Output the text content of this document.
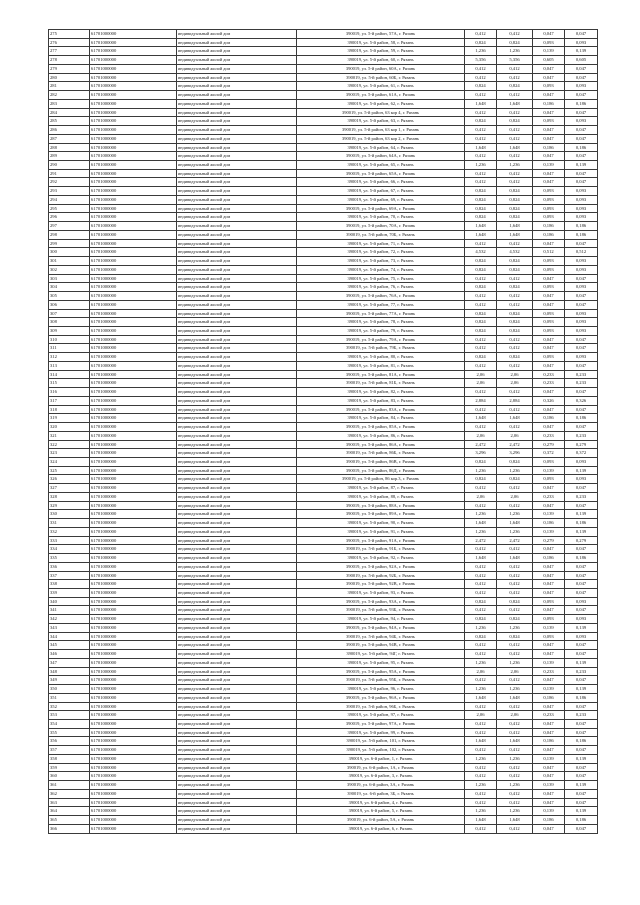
275	61701000000	индивидуальный жилой дом	390019, ул. 5-й район, 57А, г. Рязань	0,412	0,412	0,047	0,047
276	61701000000	индивидуальный жилой дом	390019, ул. 5-й район, 58, г. Рязань	0,824	0,824	0,093	0,093
277	61701000000	индивидуальный жилой дом	390019, ул. 5-й район, 59, г. Рязань	1,236	1,236	0,139	0,139
278	61701000000	индивидуальный жилой дом	390019, ул. 5-й район, 60, г. Рязань	5,356	5,356	0,605	0,605
279	61701000000	индивидуальный жилой дом	390019, ул. 5-й район, 60А, г. Рязань	0,412	0,412	0,047	0,047
280	61701000000	индивидуальный жилой дом	390019, ул. 5-й район, 60Б, г. Рязань	0,412	0,412	0,047	0,047
281	61701000000	индивидуальный жилой дом	390019, ул. 5-й район, 61, г. Рязань	0,824	0,824	0,093	0,093
282	61701000000	индивидуальный жилой дом	390019, ул. 5-й район, 61А, г. Рязань	0,412	0,412	0,047	0,047
283	61701000000	индивидуальный жилой дом	390019, ул. 5-й район, 62, г. Рязань	1,648	1,648	0,186	0,186
284	61701000000	индивидуальный жилой дом	390019, ул. 5-й район, 63 кор 4, г. Рязань	0,412	0,412	0,047	0,047
285	61701000000	индивидуальный жилой дом	390019, ул. 5-й район, 63, г. Рязань	0,824	0,824	0,093	0,093
286	61701000000	индивидуальный жилой дом	390019, ул. 5-й район, 63 кор 1, г. Рязань	0,412	0,412	0,047	0,047
287	61701000000	индивидуальный жилой дом	390019, ул. 5-й район, 63 кор 2, г. Рязань	0,412	0,412	0,047	0,047
288	61701000000	индивидуальный жилой дом	390019, ул. 5-й район, 64, г. Рязань	1,648	1,648	0,186	0,186
289	61701000000	индивидуальный жилой дом	390019, ул. 5-й район, 64А, г. Рязань	0,412	0,412	0,047	0,047
290	61701000000	индивидуальный жилой дом	390019, ул. 5-й район, 65, г. Рязань	1,236	1,236	0,139	0,139
291	61701000000	индивидуальный жилой дом	390019, ул. 5-й район, 65А, г. Рязань	0,412	0,412	0,047	0,047
292	61701000000	индивидуальный жилой дом	390019, ул. 5-й район, 66, г. Рязань	0,412	0,412	0,047	0,047
293	61701000000	индивидуальный жилой дом	390019, ул. 5-й район, 67, г. Рязань	0,824	0,824	0,093	0,093
294	61701000000	индивидуальный жилой дом	390019, ул. 5-й район, 69, г. Рязань	0,824	0,824	0,093	0,093
295	61701000000	индивидуальный жилой дом	390019, ул. 5-й район, 69А, г. Рязань	0,824	0,824	0,093	0,093
296	61701000000	индивидуальный жилой дом	390019, ул. 5-й район, 70, г. Рязань	0,824	0,824	0,093	0,093
297	61701000000	индивидуальный жилой дом	390019, ул. 5-й район, 70А, г. Рязань	1,648	1,648	0,186	0,186
298	61701000000	индивидуальный жилой дом	390019, ул. 5-й район, 70Б, г. Рязань	1,648	1,648	0,186	0,186
299	61701000000	индивидуальный жилой дом	390019, ул. 5-й район, 71, г. Рязань	0,412	0,412	0,047	0,047
300	61701000000	индивидуальный жилой дом	390019, ул. 5-й район, 72, г. Рязань	4,532	4,532	0,512	0,512
301	61701000000	индивидуальный жилой дом	390019, ул. 5-й район, 73, г. Рязань	0,824	0,824	0,093	0,093
302	61701000000	индивидуальный жилой дом	390019, ул. 5-й район, 74, г. Рязань	0,824	0,824	0,093	0,093
303	61701000000	индивидуальный жилой дом	390019, ул. 5-й район, 75, г. Рязань	0,412	0,412	0,047	0,047
304	61701000000	индивидуальный жилой дом	390019, ул. 5-й район, 76, г. Рязань	0,824	0,824	0,093	0,093
305	61701000000	индивидуальный жилой дом	390019, ул. 5-й район, 76А, г. Рязань	0,412	0,412	0,047	0,047
306	61701000000	индивидуальный жилой дом	390019, ул. 5-й район, 77, г. Рязань	0,412	0,412	0,047	0,047
307	61701000000	индивидуальный жилой дом	390019, ул. 5-й район, 77А, г. Рязань	0,824	0,824	0,093	0,093
308	61701000000	индивидуальный жилой дом	390019, ул. 5-й район, 78, г. Рязань	0,824	0,824	0,093	0,093
309	61701000000	индивидуальный жилой дом	390019, ул. 5-й район, 79, г. Рязань	0,824	0,824	0,093	0,093
310	61701000000	индивидуальный жилой дом	390019, ул. 5-й район, 79А, г. Рязань	0,412	0,412	0,047	0,047
311	61701000000	индивидуальный жилой дом	390019, ул. 5-й район, 79Б, г. Рязань	0,412	0,412	0,047	0,047
312	61701000000	индивидуальный жилой дом	390019, ул. 5-й район, 80, г. Рязань	0,824	0,824	0,093	0,093
313	61701000000	индивидуальный жилой дом	390019, ул. 5-й район, 81, г. Рязань	0,412	0,412	0,047	0,047
314	61701000000	индивидуальный жилой дом	390019, ул. 5-й район, 81А, г. Рязань	2,06	2,06	0,233	0,233
315	61701000000	индивидуальный жилой дом	390019, ул. 5-й район, 81Б, г. Рязань	2,06	2,06	0,233	0,233
316	61701000000	индивидуальный жилой дом	390019, ул. 5-й район, 82, г. Рязань	0,412	0,412	0,047	0,047
317	61701000000	индивидуальный жилой дом	390019, ул. 5-й район, 83, г. Рязань	2,884	2,884	0,326	0,326
318	61701000000	индивидуальный жилой дом	390019, ул. 5-й район, 83А, г. Рязань	0,412	0,412	0,047	0,047
319	61701000000	индивидуальный жилой дом	390019, ул. 5-й район, 84, г. Рязань	1,648	1,648	0,186	0,186
320	61701000000	индивидуальный жилой дом	390019, ул. 5-й район, 85А, г. Рязань	0,412	0,412	0,047	0,047
321	61701000000	индивидуальный жилой дом	390019, ул. 5-й район, 86, г. Рязань	2,06	2,06	0,233	0,233
322	61701000000	индивидуальный жилой дом	390019, ул. 5-й район, 86А, г. Рязань	2,472	2,472	0,279	0,279
323	61701000000	индивидуальный жилой дом	390019, ул. 5-й район, 86Б, г. Рязань	3,296	3,296	0,372	0,372
324	61701000000	индивидуальный жилой дом	390019, ул. 5-й район, 86В, г. Рязань	0,824	0,824	0,093	0,093
325	61701000000	индивидуальный жилой дом	390019, ул. 5-й район, 86Д, г. Рязань	1,236	1,236	0,139	0,139
326	61701000000	индивидуальный жилой дом	390019, ул. 5-й район, 86 кор.3, г. Рязань	0,824	0,824	0,093	0,093
327	61701000000	индивидуальный жилой дом	390019, ул. 5-й район, 87, г. Рязань	0,412	0,412	0,047	0,047
328	61701000000	индивидуальный жилой дом	390019, ул. 5-й район, 88, г. Рязань	2,06	2,06	0,233	0,233
329	61701000000	индивидуальный жилой дом	390019, ул. 5-й район, 88А, г. Рязань	0,412	0,412	0,047	0,047
330	61701000000	индивидуальный жилой дом	390019, ул. 5-й район, 89А, г. Рязань	1,236	1,236	0,139	0,139
331	61701000000	индивидуальный жилой дом	390019, ул. 5-й район, 90, г. Рязань	1,648	1,648	0,186	0,186
332	61701000000	индивидуальный жилой дом	390019, ул. 5-й район, 91, г. Рязань	1,236	1,236	0,139	0,139
333	61701000000	индивидуальный жилой дом	390019, ул. 5-й район, 91А, г. Рязань	2,472	2,472	0,279	0,279
334	61701000000	индивидуальный жилой дом	390019, ул. 5-й район, 91Б, г. Рязань	0,412	0,412	0,047	0,047
335	61701000000	индивидуальный жилой дом	390019, ул. 5-й район, 92, г. Рязань	1,648	1,648	0,186	0,186
336	61701000000	индивидуальный жилой дом	390019, ул. 5-й район, 92А, г. Рязань	0,412	0,412	0,047	0,047
337	61701000000	индивидуальный жилой дом	390019, ул. 5-й район, 92Б, г. Рязань	0,412	0,412	0,047	0,047
338	61701000000	индивидуальный жилой дом	390019, ул. 5-й район, 92В, г. Рязань	0,412	0,412	0,047	0,047
339	61701000000	индивидуальный жилой дом	390019, ул. 5-й район, 93, г. Рязань	0,412	0,412	0,047	0,047
340	61701000000	индивидуальный жилой дом	390019, ул. 5-й район, 93А, г. Рязань	0,824	0,824	0,093	0,093
341	61701000000	индивидуальный жилой дом	390019, ул. 5-й район, 93Б, г. Рязань	0,412	0,412	0,047	0,047
342	61701000000	индивидуальный жилой дом	390019, ул. 5-й район, 94, г. Рязань	0,824	0,824	0,093	0,093
343	61701000000	индивидуальный жилой дом	390019, ул. 5-й район, 94А, г. Рязань	1,236	1,236	0,139	0,139
344	61701000000	индивидуальный жилой дом	390019, ул. 5-й район, 94Б, г. Рязань	0,824	0,824	0,093	0,093
345	61701000000	индивидуальный жилой дом	390019, ул. 5-й район, 94В, г. Рязань	0,412	0,412	0,047	0,047
346	61701000000	индивидуальный жилой дом	390019, ул. 5-й район, 94Г, г. Рязань	0,412	0,412	0,047	0,047
347	61701000000	индивидуальный жилой дом	390019, ул. 5-й район, 95, г. Рязань	1,236	1,236	0,139	0,139
348	61701000000	индивидуальный жилой дом	390019, ул. 5-й район, 95А, г. Рязань	2,06	2,06	0,233	0,233
349	61701000000	индивидуальный жилой дом	390019, ул. 5-й район, 95Б, г. Рязань	0,412	0,412	0,047	0,047
350	61701000000	индивидуальный жилой дом	390019, ул. 5-й район, 96, г. Рязань	1,236	1,236	0,139	0,139
351	61701000000	индивидуальный жилой дом	390019, ул. 5-й район, 96А, г. Рязань	1,648	1,648	0,186	0,186
352	61701000000	индивидуальный жилой дом	390019, ул. 5-й район, 96Б, г. Рязань	0,412	0,412	0,047	0,047
353	61701000000	индивидуальный жилой дом	390019, ул. 5-й район, 97, г. Рязань	2,06	2,06	0,233	0,233
354	61701000000	индивидуальный жилой дом	390019, ул. 5-й район, 97А, г. Рязань	0,412	0,412	0,047	0,047
355	61701000000	индивидуальный жилой дом	390019, ул. 5-й район, 99, г. Рязань	0,412	0,412	0,047	0,047
356	61701000000	индивидуальный жилой дом	390019, ул. 5-й район, 101, г. Рязань	1,648	1,648	0,186	0,186
357	61701000000	индивидуальный жилой дом	390019, ул. 5-й район, 102, г. Рязань	0,412	0,412	0,047	0,047
358	61701000000	индивидуальный жилой дом	390019, ул. 6-й район, 1, г. Рязань	1,236	1,236	0,139	0,139
359	61701000000	индивидуальный жилой дом	390019, ул. 6-й район, 1А, г. Рязань	0,412	0,412	0,047	0,047
360	61701000000	индивидуальный жилой дом	390019, ул. 6-й район, 3, г. Рязань	0,412	0,412	0,047	0,047
361	61701000000	индивидуальный жилой дом	390019, ул. 6-й район, 3А, г. Рязань	1,236	1,236	0,139	0,139
362	61701000000	индивидуальный жилой дом	390019, ул. 6-й район, 3Б, г. Рязань	0,412	0,412	0,047	0,047
363	61701000000	индивидуальный жилой дом	390019, ул. 6-й район, 4, г. Рязань	0,412	0,412	0,047	0,047
364	61701000000	индивидуальный жилой дом	390019, ул. 6-й район, 5, г. Рязань	1,236	1,236	0,139	0,139
365	61701000000	индивидуальный жилой дом	390019, ул. 6-й район, 5А, г. Рязань	1,648	1,648	0,186	0,186
366	61701000000	индивидуальный жилой дом	390019, ул. 6-й район, 6, г. Рязань	0,412	0,412	0,047	0,047
